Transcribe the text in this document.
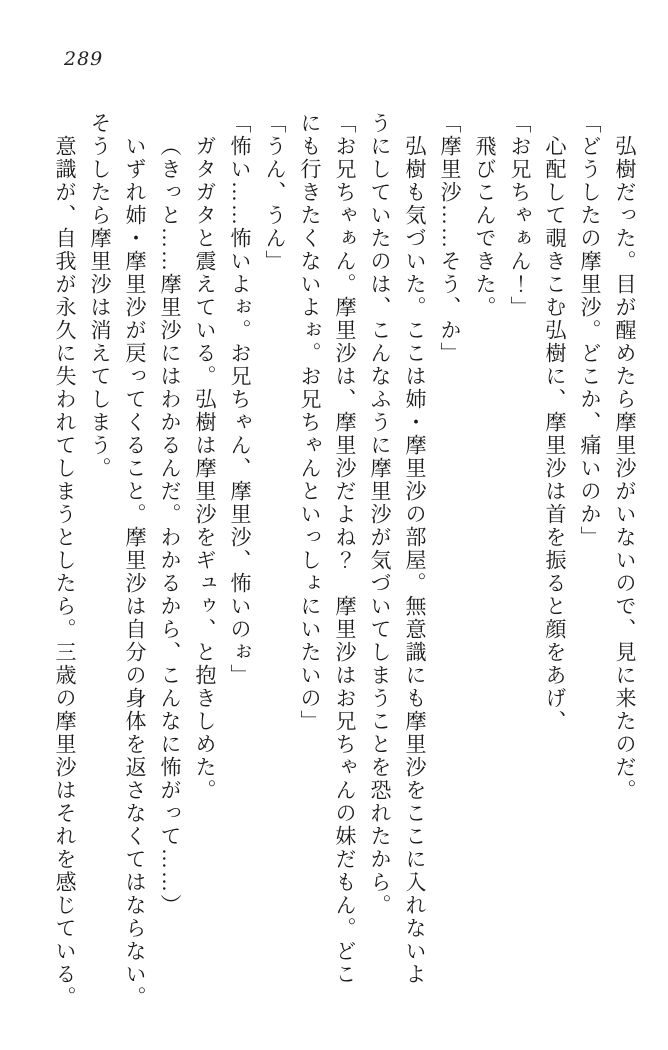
289

弘樹だった。目が醒めたら摩里沙がいないので、見に来たのだ。

「どうしたの摩里沙。どこか、痛いのか」

心配して覗きこむ弘樹に、摩里沙は首を振ると顔をあげ、

「お兄ちゃぁん！」

飛びこんできた。

「摩里沙……そう、か」

弘樹も気づいた。ここは姉・摩里沙の部屋。無意識にも摩里沙をここに入れないよ
うにしていたのは、こんなふうに摩里沙が気づいてしまうことを恐れたから。

「お兄ちゃぁん。摩里沙は、摩里沙だよね？　摩里沙はお兄ちゃんの妹だもん。どこ
にも行きたくないよぉ。お兄ちゃんといっしょにいたいの」

「うん、うん」

「怖い……怖いよぉ。お兄ちゃん、摩里沙、怖いのぉ」

ガタガタと震えている。弘樹は摩里沙をギュゥ、と抱きしめた。

（きっと……摩里沙にはわかるんだ。わかるから、こんなに怖がって……）

いずれ姉・摩里沙が戻ってくること。摩里沙は自分の身体を返さなくてはならない。

そうしたら摩里沙は消えてしまう。

意識が、自我が永久に失われてしまうとしたら。三歳の摩里沙はそれを感じている。
